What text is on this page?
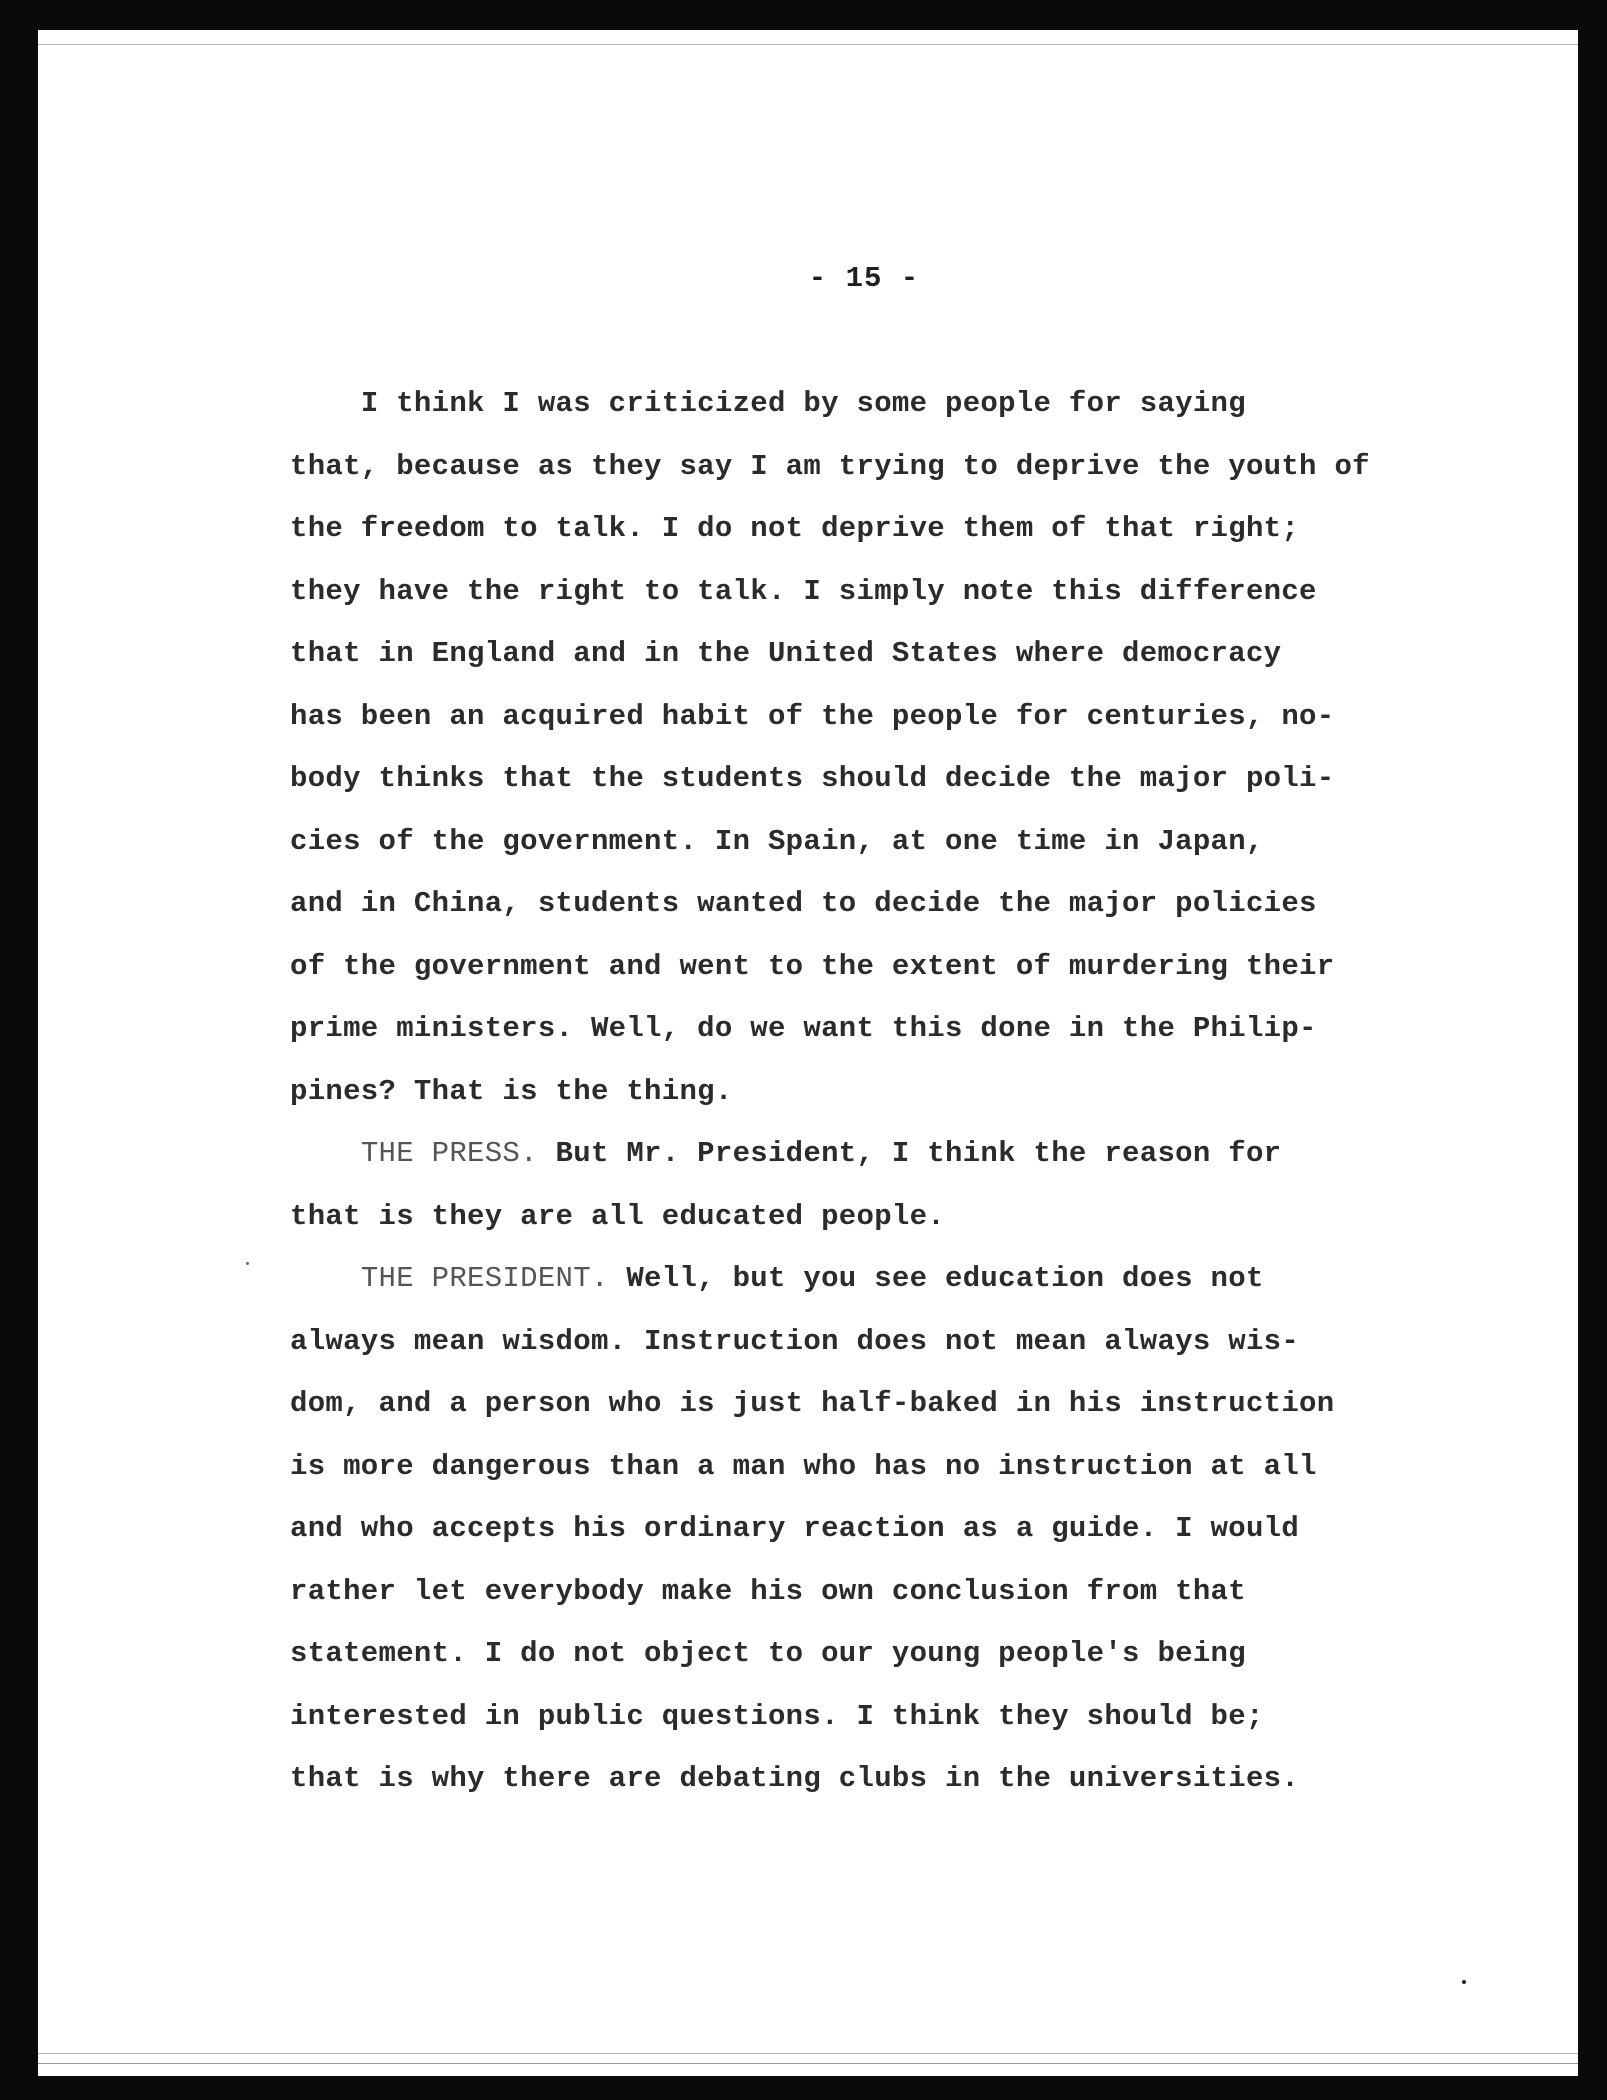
- 15 -
I think I was criticized by some people for saying
that, because as they say I am trying to deprive the youth of
the freedom to talk. I do not deprive them of that right;
they have the right to talk. I simply note this difference
that in England and in the United States where democracy
has been an acquired habit of the people for centuries, no-
body thinks that the students should decide the major poli-
cies of the government. In Spain, at one time in Japan,
and in China, students wanted to decide the major policies
of the government and went to the extent of murdering their
prime ministers. Well, do we want this done in the Philip-
pines? That is the thing.
THE PRESS. But Mr. President, I think the reason for
that is they are all educated people.
THE PRESIDENT. Well, but you see education does not
always mean wisdom. Instruction does not mean always wis-
dom, and a person who is just half-baked in his instruction
is more dangerous than a man who has no instruction at all
and who accepts his ordinary reaction as a guide. I would
rather let everybody make his own conclusion from that
statement. I do not object to our young people's being
interested in public questions. I think they should be;
that is why there are debating clubs in the universities.
